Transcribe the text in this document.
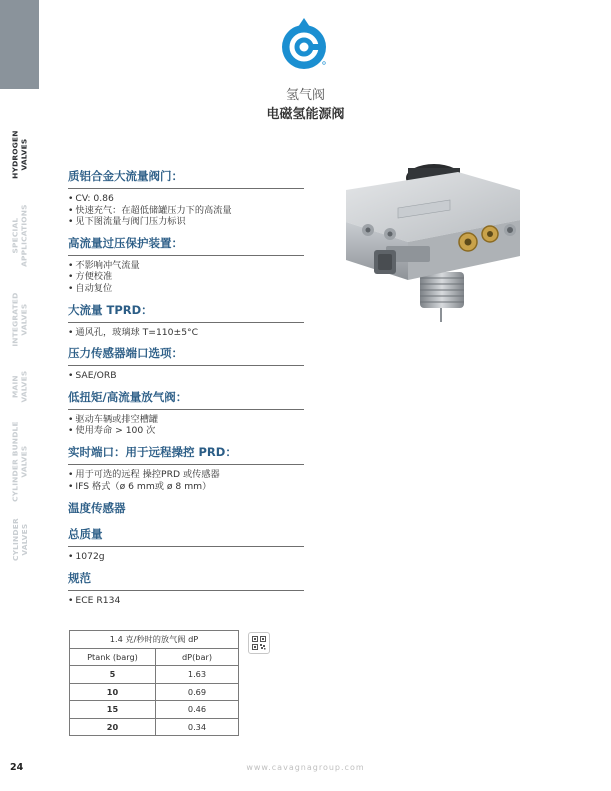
HYDROGEN
VALVES
SPECIAL
APPLICATIONS
INTEGRATED
VALVES
MAIN
VALVES
CYLINDER BUNDLE
VALVES
CYLINDER
VALVES
氢气阀
电磁氢能源阀
质铝合金大流量阀门：
• CV: 0.86
• 快速充气：在超低储罐压力下的高流量
• 见下图流量与阀门压力标识
高流量过压保护装置：
• 不影响冲气流量
• 方便校准
• 自动复位
大流量 TPRD：
• 通风孔，玻璃球 T=110±5°C
压力传感器端口选项：
• SAE/ORB
低扭矩/高流量放气阀：
• 驱动车辆或排空槽罐
• 使用寿命 > 100 次
实时端口：用于远程操控 PRD：
• 用于可选的远程 操控PRD 或传感器
• IFS 格式（ø 6 mm或 ø 8 mm）
温度传感器
总质量
• 1072g
规范
• ECE R134
1.4 克/秒时的放气阀 dP	
Ptank (barg)	dP(bar)
5	1.63
10	0.69
15	0.46
20	0.34
24	www.cavagnagroup.com
